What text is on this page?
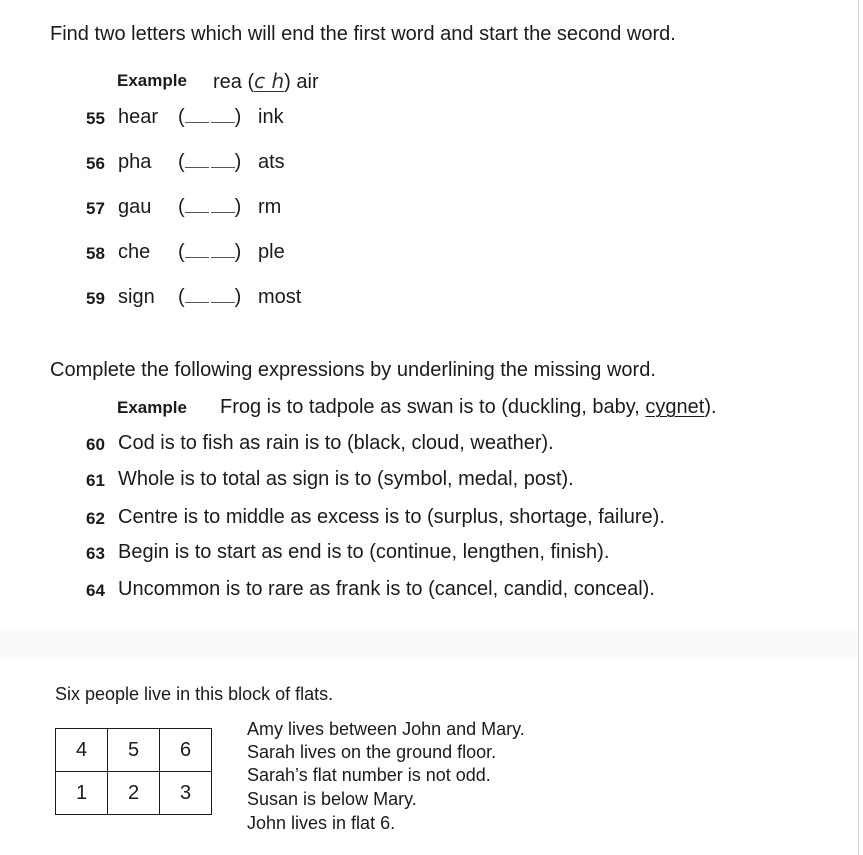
Find two letters which will end the first word and start the second word.
Example rea (c h) air
55 hear (	) ink
56 pha (	) ats
57 gau (	) rm
58 che (	) ple
59 sign (	) most
Complete the following expressions by underlining the missing word.
Example Frog is to tadpole as swan is to (duckling, baby, cygnet).
60 Cod is to fish as rain is to (black, cloud, weather).
61 Whole is to total as sign is to (symbol, medal, post).
62 Centre is to middle as excess is to (surplus, shortage, failure).
63 Begin is to start as end is to (continue, lengthen, finish).
64 Uncommon is to rare as frank is to (cancel, candid, conceal).
Six people live in this block of flats.
4	5	6
1	2	3
Amy lives between John and Mary.
Sarah lives on the ground floor.
Sarah’s flat number is not odd.
Susan is below Mary.
John lives in flat 6.
